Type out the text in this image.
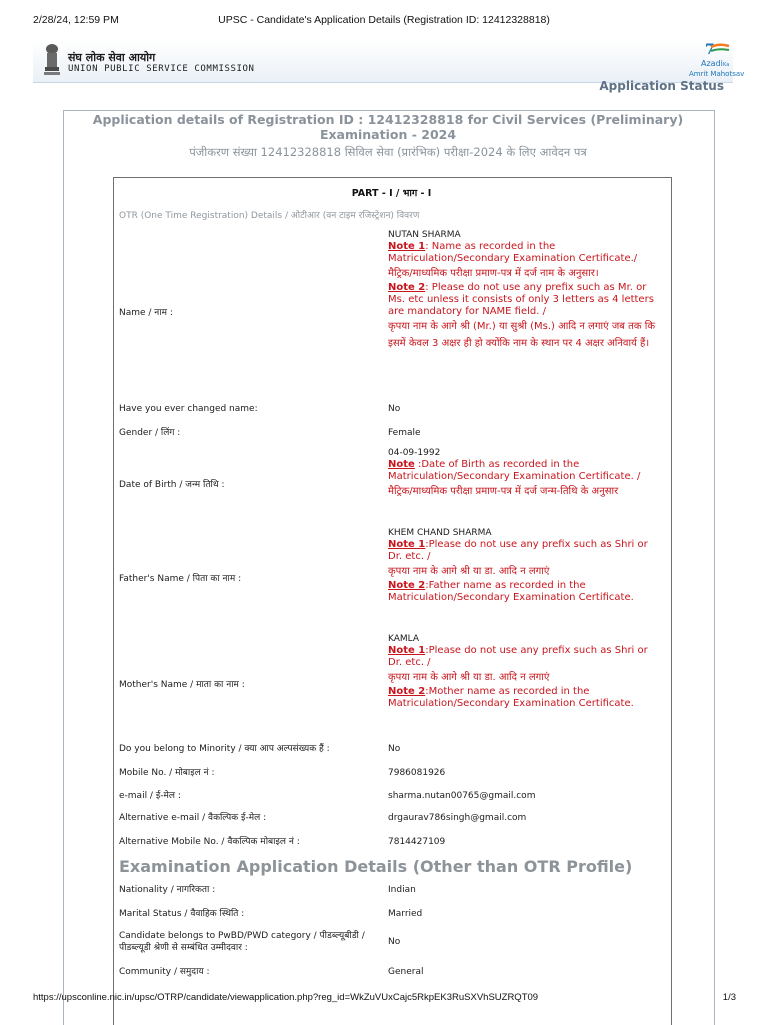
2/28/24, 12:59 PM	UPSC - Candidate's Application Details (Registration ID: 12412328818)
संघ लोक सेवा आयोग
UNION PUBLIC SERVICE COMMISSION
7
Azadi Ka
Amrit Mahotsav
Application Status
Application details of Registration ID : 12412328818 for Civil Services (Preliminary) Examination - 2024
पंजीकरण संख्या 12412328818 सिविल सेवा (प्रारंभिक) परीक्षा-2024 के लिए आवेदन पत्र
PART - I / भाग - I
OTR (One Time Registration) Details / ओटीआर (वन टाइम रजिस्ट्रेशन) विवरण
Name / नाम :
NUTAN SHARMA
Note 1: Name as recorded in the Matriculation/Secondary Examination Certificate./
मैट्रिक/माध्यमिक परीक्षा प्रमाण-पत्र में दर्ज नाम के अनुसार।
Note 2: Please do not use any prefix such as Mr. or Ms. etc unless it consists of only 3 letters as 4 letters are mandatory for NAME field. /
कृपया नाम के आगे श्री (Mr.) या सुश्री (Ms.) आदि न लगाएं जब तक कि इसमें केवल 3 अक्षर ही हो क्योंकि नाम के स्थान पर 4 अक्षर अनिवार्य हैं।
Have you ever changed name:	No
Gender / लिंग :	Female
Date of Birth / जन्म तिथि :
04-09-1992
Note :Date of Birth as recorded in the Matriculation/Secondary Examination Certificate. /
मैट्रिक/माध्यमिक परीक्षा प्रमाण-पत्र में दर्ज जन्म-तिथि के अनुसार
Father's Name / पिता का नाम :
KHEM CHAND SHARMA
Note 1:Please do not use any prefix such as Shri or Dr. etc. /
कृपया नाम के आगे श्री या डा. आदि न लगाएं
Note 2:Father name as recorded in the Matriculation/Secondary Examination Certificate.
Mother's Name / माता का नाम :
KAMLA
Note 1:Please do not use any prefix such as Shri or Dr. etc. /
कृपया नाम के आगे श्री या डा. आदि न लगाएं
Note 2:Mother name as recorded in the Matriculation/Secondary Examination Certificate.
Do you belong to Minority / क्या आप अल्पसंख्यक हैं :	No
Mobile No. / मोबाइल नं :	7986081926
e-mail / ई-मेल :	sharma.nutan00765@gmail.com
Alternative e-mail / वैकल्पिक ई-मेल :	drgaurav786singh@gmail.com
Alternative Mobile No. / वैकल्पिक मोबाइल नं :	7814427109
Examination Application Details (Other than OTR Profile)
Nationality / नागरिकता :	Indian
Marital Status / वैवाहिक स्थिति :	Married
Candidate belongs to PwBD/PWD category / पीडब्ल्यूबीडी / पीडब्ल्यूडी श्रेणी से सम्बंधित उम्मीदवार :
No
Community / समुदाय :	General
https://upsconline.nic.in/upsc/OTRP/candidate/viewapplication.php?reg_id=WkZuVUxCajc5RkpEK3RuSXVhSUZRQT09	1/3
